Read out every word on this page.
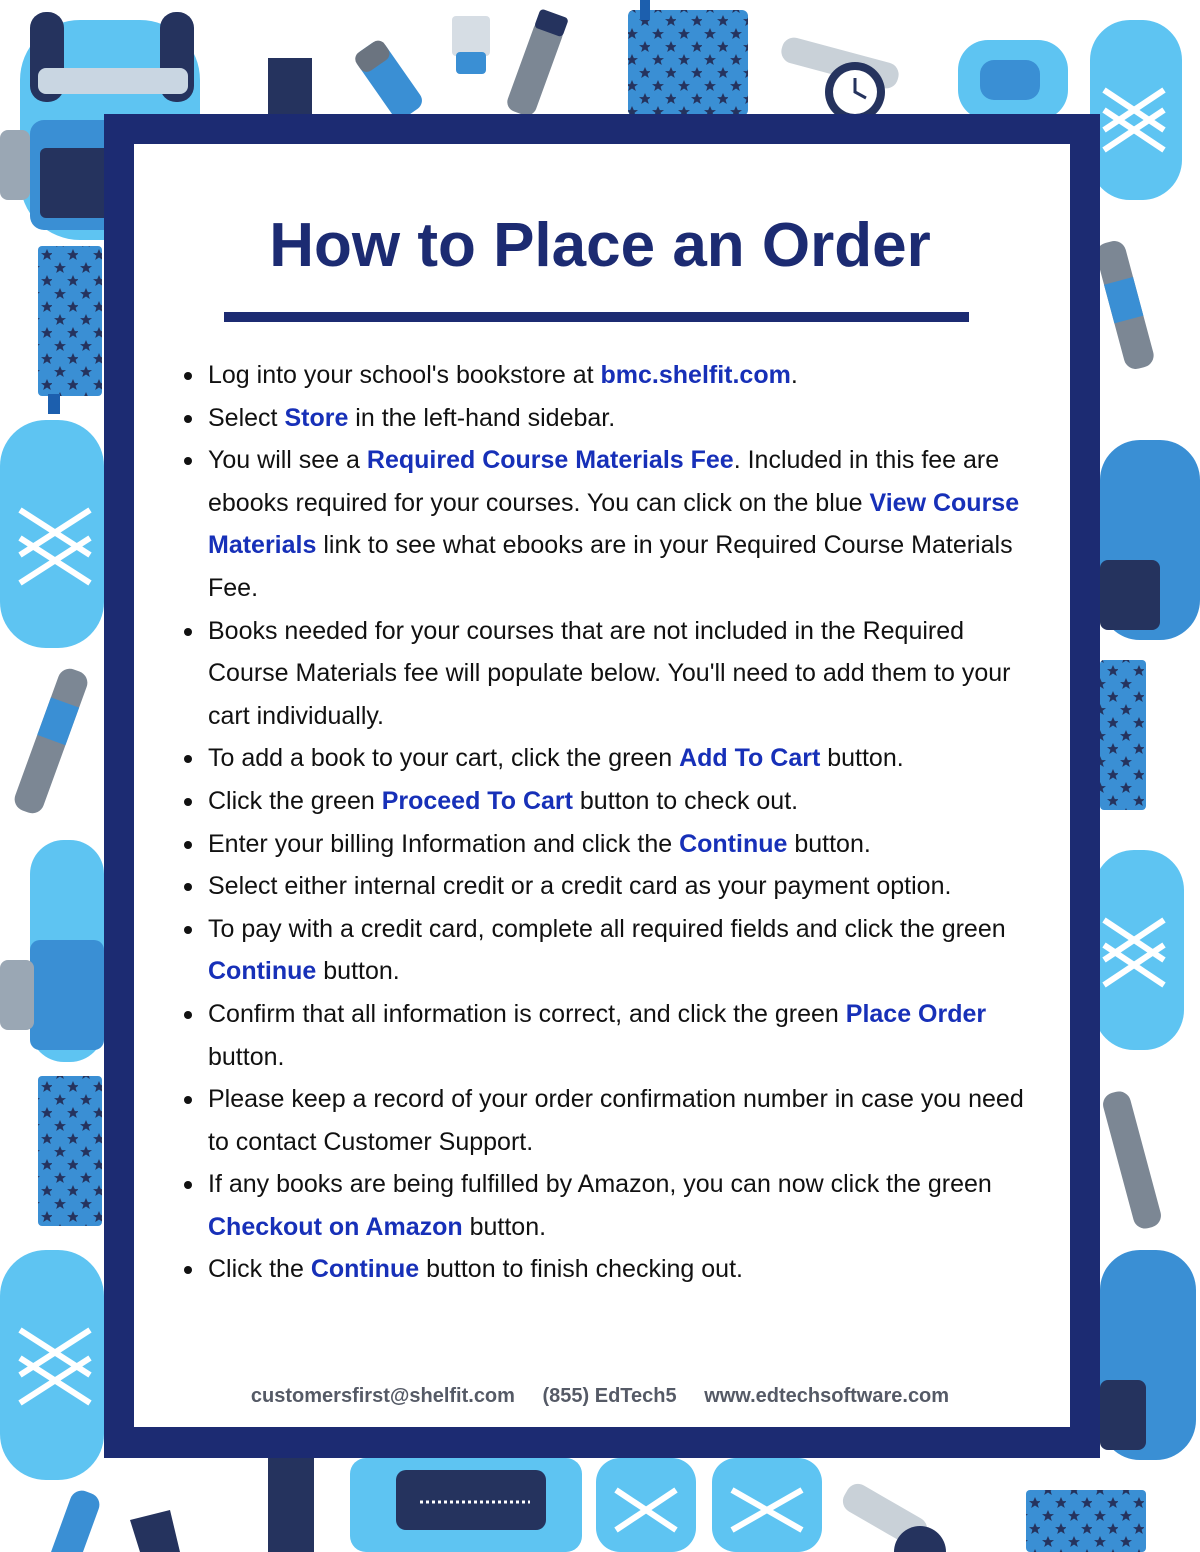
How to Place an Order
Log into your school's bookstore at bmc.shelfit.com.
Select Store in the left-hand sidebar.
You will see a Required Course Materials Fee. Included in this fee are ebooks required for your courses. You can click on the blue View Course Materials link to see what ebooks are in your Required Course Materials Fee.
Books needed for your courses that are not included in the Required Course Materials fee will populate below. You'll need to add them to your cart individually.
To add a book to your cart, click the green Add To Cart button.
Click the green Proceed To Cart button to check out.
Enter your billing Information and click the Continue button.
Select either internal credit or a credit card as your payment option.
To pay with a credit card, complete all required fields and click the green Continue button.
Confirm that all information is correct, and click the green Place Order button.
Please keep a record of your order confirmation number in case you need to contact Customer Support.
If any books are being fulfilled by Amazon, you can now click the green Checkout on Amazon button.
Click the Continue button to finish checking out.
customersfirst@shelfit.com (855) EdTech5 www.edtechsoftware.com
